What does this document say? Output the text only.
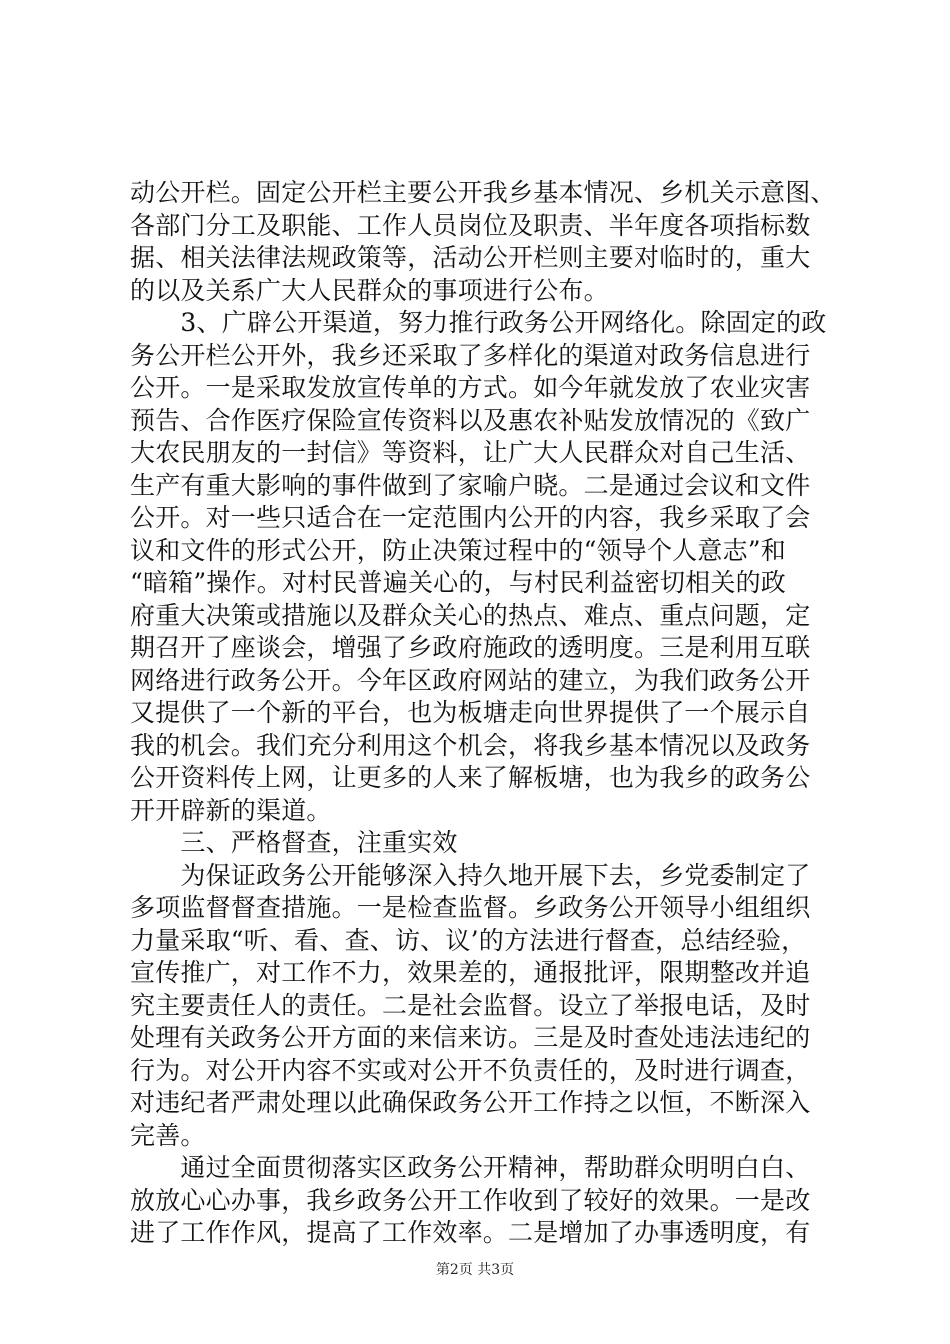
动公开栏。固定公开栏主要公开我乡基本情况、乡机关示意图、
各部门分工及职能、工作人员岗位及职责、半年度各项指标数
据、相关法律法规政策等，活动公开栏则主要对临时的，重大
的以及关系广大人民群众的事项进行公布。
　　3、广辟公开渠道，努力推行政务公开网络化。除固定的政
务公开栏公开外，我乡还采取了多样化的渠道对政务信息进行
公开。一是采取发放宣传单的方式。如今年就发放了农业灾害
预告、合作医疗保险宣传资料以及惠农补贴发放情况的《致广
大农民朋友的一封信》等资料，让广大人民群众对自己生活、
生产有重大影响的事件做到了家喻户晓。二是通过会议和文件
公开。对一些只适合在一定范围内公开的内容，我乡采取了会
议和文件的形式公开，防止决策过程中的“领导个人意志”和
“暗箱”操作。对村民普遍关心的，与村民利益密切相关的政
府重大决策或措施以及群众关心的热点、难点、重点问题，定
期召开了座谈会，增强了乡政府施政的透明度。三是利用互联
网络进行政务公开。今年区政府网站的建立，为我们政务公开
又提供了一个新的平台，也为板塘走向世界提供了一个展示自
我的机会。我们充分利用这个机会，将我乡基本情况以及政务
公开资料传上网，让更多的人来了解板塘，也为我乡的政务公
开开辟新的渠道。
　　三、严格督查，注重实效
　　为保证政务公开能够深入持久地开展下去，乡党委制定了
多项监督督查措施。一是检查监督。乡政务公开领导小组组织
力量采取“听、看、查、访、议’的方法进行督查，总结经验，
宣传推广，对工作不力，效果差的，通报批评，限期整改并追
究主要责任人的责任。二是社会监督。设立了举报电话，及时
处理有关政务公开方面的来信来访。三是及时查处违法违纪的
行为。对公开内容不实或对公开不负责任的，及时进行调查，
对违纪者严肃处理以此确保政务公开工作持之以恒，不断深入
完善。
　　通过全面贯彻落实区政务公开精神，帮助群众明明白白、
放放心心办事，我乡政务公开工作收到了较好的效果。一是改
进了工作作风，提高了工作效率。二是增加了办事透明度，有
第2页 共3页
